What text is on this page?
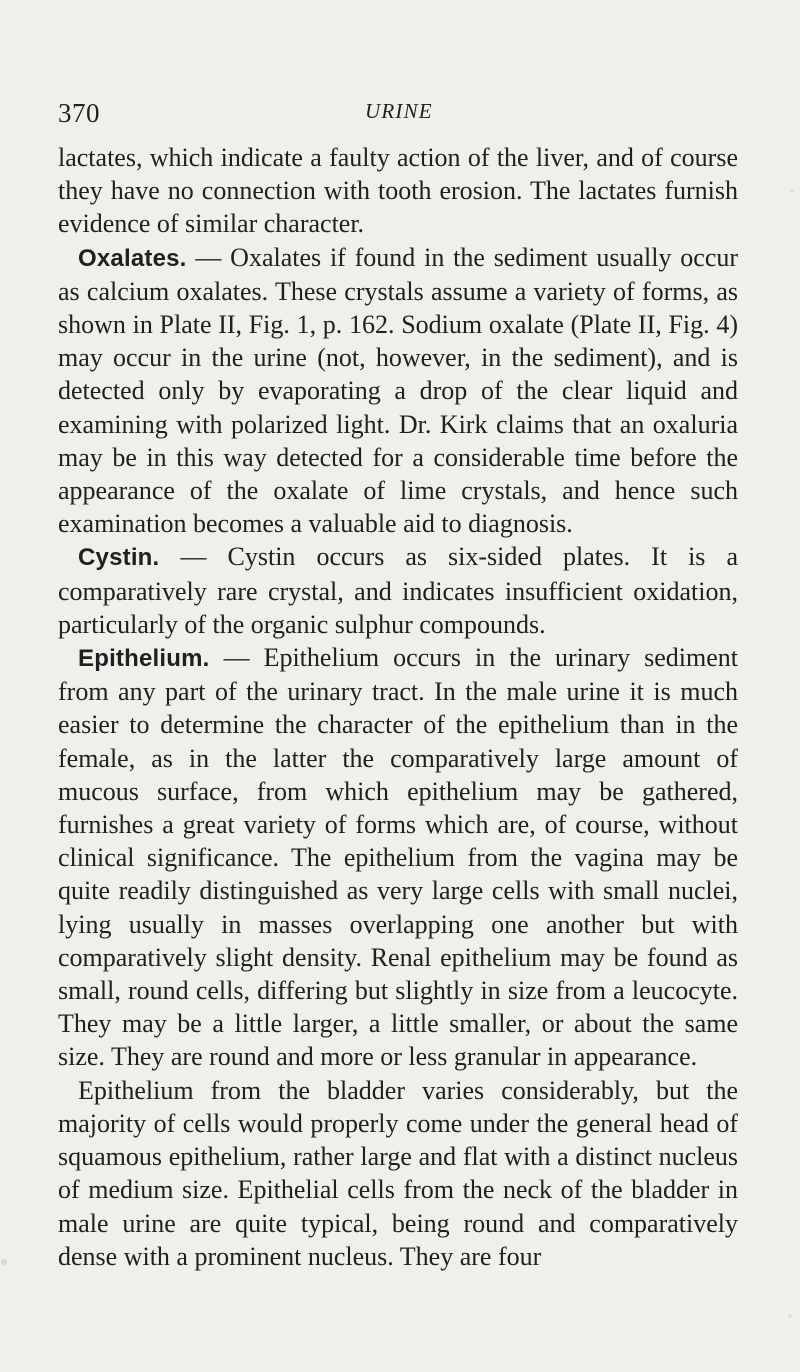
370	URINE

lactates, which indicate a faulty action of the liver, and of course they have no connection with tooth erosion. The lactates furnish evidence of similar character.

Oxalates. — Oxalates if found in the sediment usually occur as calcium oxalates. These crystals assume a variety of forms, as shown in Plate II, Fig. 1, p. 162. Sodium oxalate (Plate II, Fig. 4) may occur in the urine (not, however, in the sediment), and is detected only by evaporating a drop of the clear liquid and examining with polarized light. Dr. Kirk claims that an oxaluria may be in this way detected for a considerable time before the appearance of the oxalate of lime crystals, and hence such examination becomes a valuable aid to diagnosis.

Cystin. — Cystin occurs as six-sided plates. It is a comparatively rare crystal, and indicates insufficient oxidation, particularly of the organic sulphur compounds.

Epithelium. — Epithelium occurs in the urinary sediment from any part of the urinary tract. In the male urine it is much easier to determine the character of the epithelium than in the female, as in the latter the comparatively large amount of mucous surface, from which epithelium may be gathered, furnishes a great variety of forms which are, of course, without clinical significance. The epithelium from the vagina may be quite readily distinguished as very large cells with small nuclei, lying usually in masses overlapping one another but with comparatively slight density. Renal epithelium may be found as small, round cells, differing but slightly in size from a leucocyte. They may be a little larger, a little smaller, or about the same size. They are round and more or less granular in appearance.

Epithelium from the bladder varies considerably, but the majority of cells would properly come under the general head of squamous epithelium, rather large and flat with a distinct nucleus of medium size. Epithelial cells from the neck of the bladder in male urine are quite typical, being round and comparatively dense with a prominent nucleus. They are four
